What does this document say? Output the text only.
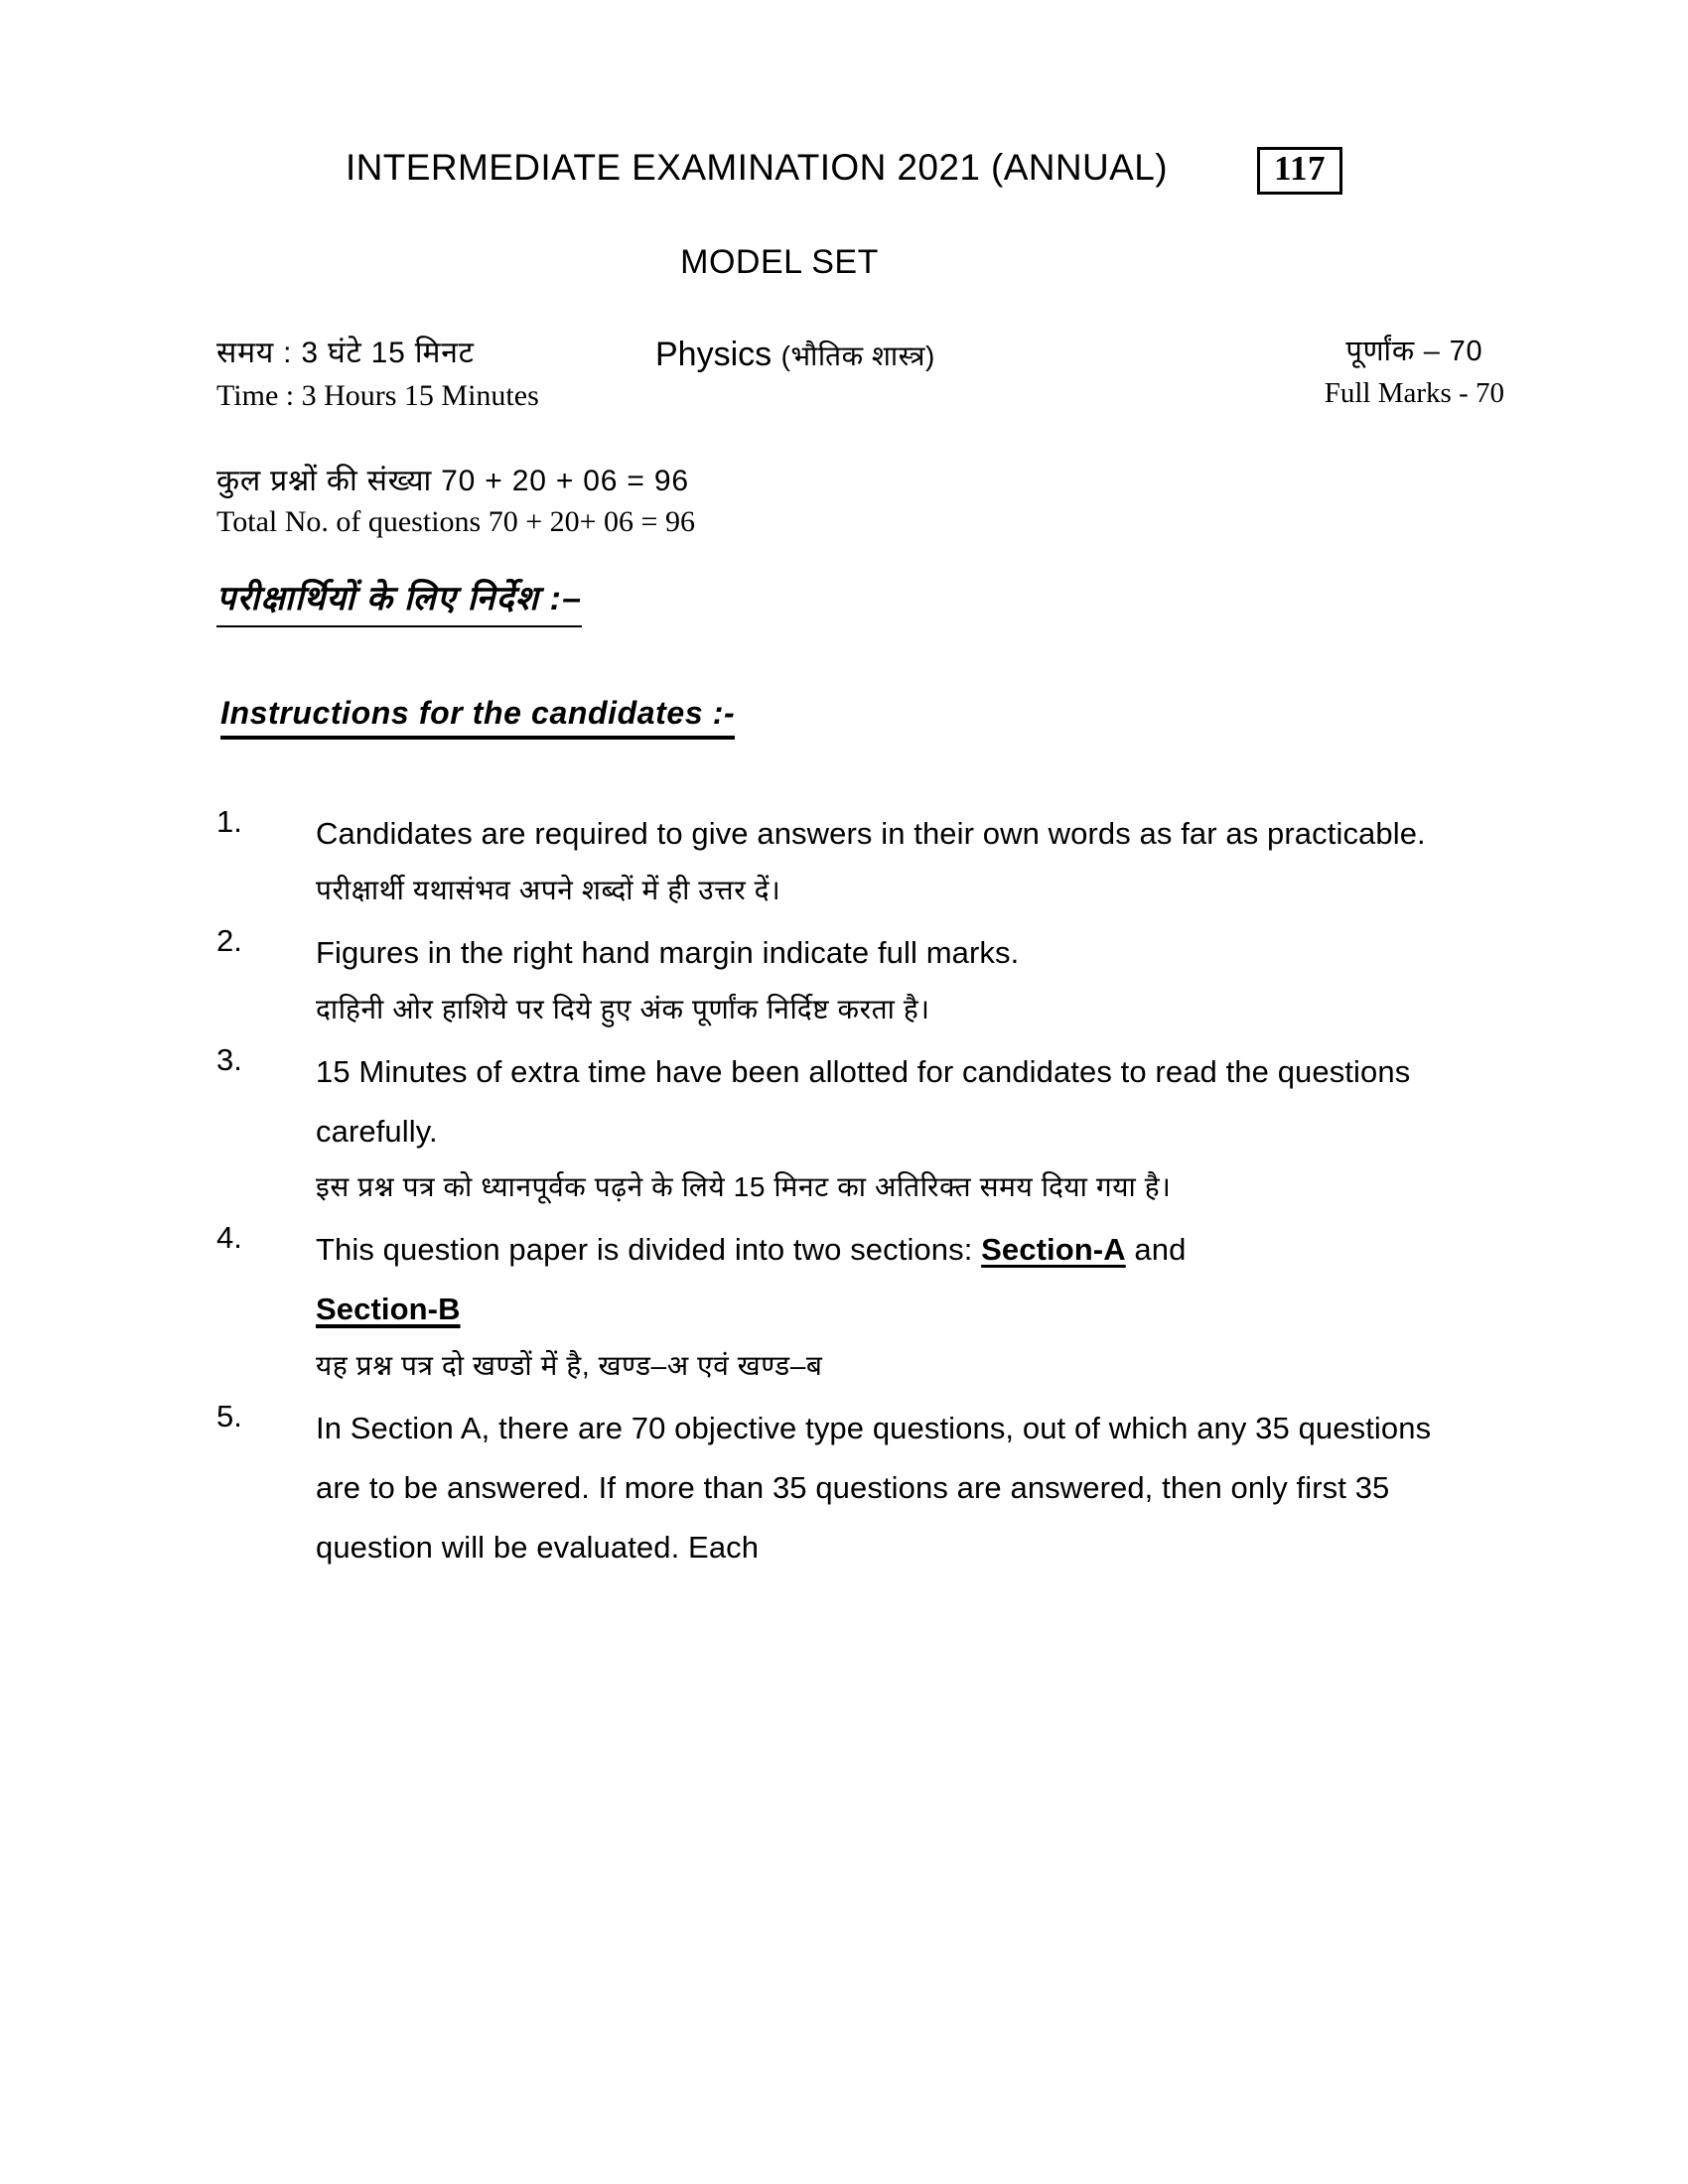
INTERMEDIATE EXAMINATION 2021 (ANNUAL)	117
MODEL SET
समय : 3 घंटे 15 मिनट
Time : 3 Hours 15 Minutes
Physics (भौतिक शास्त्र)	पूर्णांक – 70
Full Marks - 70
कुल प्रश्नों की संख्या 70 + 20 + 06 = 96
Total No. of questions 70 + 20+ 06 = 96
परीक्षार्थियों के लिए निर्देश :–
Instructions for the candidates :-
1. Candidates are required to give answers in their own words as far as practicable.
परीक्षार्थी यथासंभव अपने शब्दों में ही उत्तर दें।
2. Figures in the right hand margin indicate full marks.
दाहिनी ओर हाशिये पर दिये हुए अंक पूर्णांक निर्दिष्ट करता है।
3. 15 Minutes of extra time have been allotted for candidates to read the questions carefully.
इस प्रश्न पत्र को ध्यानपूर्वक पढ़ने के लिये 15 मिनट का अतिरिक्त समय दिया गया है।
4. This question paper is divided into two sections: Section-A and
Section-B
यह प्रश्न पत्र दो खण्डों में है, खण्ड–अ एवं खण्ड–ब
5. In Section A, there are 70 objective type questions, out of which any 35 questions are to be answered. If more than 35 questions are answered, then only first 35 question will be evaluated. Each
